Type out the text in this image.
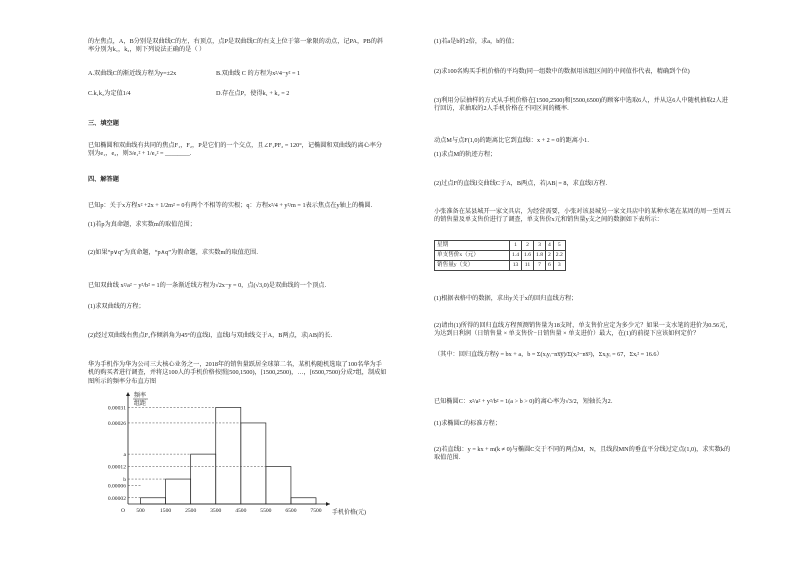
的左焦点，A，B分别是双曲线C的左，右顶点，点P是双曲线C的右支上位于第一象限的动点，记PA，PB的斜率分别为k₁，k₂，则下列说法正确的是（ ）
A.双曲线C的渐近线方程为y=±2x	B.双曲线 C 的方程为x²/4−y² = 1
C.k₁k₂为定值1/4	D.存在点P，使得k₁ + k₂ = 2
三、填空题
已知椭圆和双曲线有共同的焦点F₁，F₂，P是它们的一个交点，且∠F₁PF₂ = 120°，记椭圆和双曲线的离心率分别为e₁，e₂，则3/e₁² + 1/e₂² = ________.
四、解答题
已知p：关于x方程x² +2x + 1/2m² = 0有两个不相等的实根；q：方程x²/4 + y²/m = 1表示焦点在y轴上的椭圆．
(1)若p为真命题，求实数m的取值范围；
(2)如果“p∨q”为真命题，“p∧q”为假命题，求实数m的取值范围．
已知双曲线 x²/a² − y²/b² = 1的一条渐近线方程为√2x−y = 0，点(√3,0)是双曲线的一个顶点．
(1)求双曲线的方程；
(2)经过双曲线右焦点F₂作倾斜角为45°的直线l，直线l与双曲线交于A，B两点，求|AB|的长．
华为手机作为华为公司三大核心业务之一，2018年的销售量跃居全球第二名，某机构随机选取了100名华为手机的购买者进行调查，并将这100人的手机价格按照[500,1500)，[1500,2500)，…，[6500,7500)分成7组，制成如图所示的频率分布直方图
0.00002
0.00006
b
0.00012
a
0.00026
0.00031
500	1500 2500 3500 4500 5500 6500 7500
O	手机价格(元)
频率
组距
(1)若a是b的2倍，求a，b的值；
(2)求100名购买手机价格的平均数(同一组数中的数据用该组区间的中间值作代表，精确到个位)
(3)利用分层抽样的方式从手机价格在[1500,2500)和[5500,6500)的顾客中选取6人，并从这6人中随机抽取2人进行回访，求抽取的2人手机价格在不同区间的概率．
动点M与点F(1,0)的距离比它到直线l：x + 2 = 0的距离小1．
(1)求点M的轨迹方程；
(2)过点F的直线l交曲线C于A，B两点，若|AB| = 8，求直线l方程．
小张准备在某县城开一家文具店，为经营需要，小张对该县城另一家文具店中的某种水笔在某周的周一至周五的销售量及单支售价进行了调查，单支售价x元和销售量y支之间的数据如下表所示：
星期	1	2	3	4	5
单支售价x（元）	1.4	1.6	1.8	2	2.2
销售量y（支）	13	11	7	6	3
(1)根据表格中的数据，求出y关于x的回归直线方程；
(2)请由(1)所得的回归直线方程预测销售量为18支时，单支售价应定为多少元？如果一支水笔的进价为0.56元，为达到日利润（日销售量 × 单支售价−日销售量 × 单支进价）最大，在(1)的前提下应该如何定价？
（其中：回归直线方程ŷ = bx + a，b = Σ(xᵢyᵢ−nx̅y̅)/Σ(xᵢ²−nx̅²)，Σxᵢyᵢ = 67，Σxᵢ² = 16.6）
已知椭圆C：x²/a² + y²/b² = 1(a > b > 0)的离心率为√3/2，短轴长为2．
(1)求椭圆C的标准方程；
(2)若直线l：y = kx + m(k ≠ 0)与椭圆C交于不同的两点M，N，且线段MN的垂直平分线过定点(1,0)，求实数k的取值范围．
